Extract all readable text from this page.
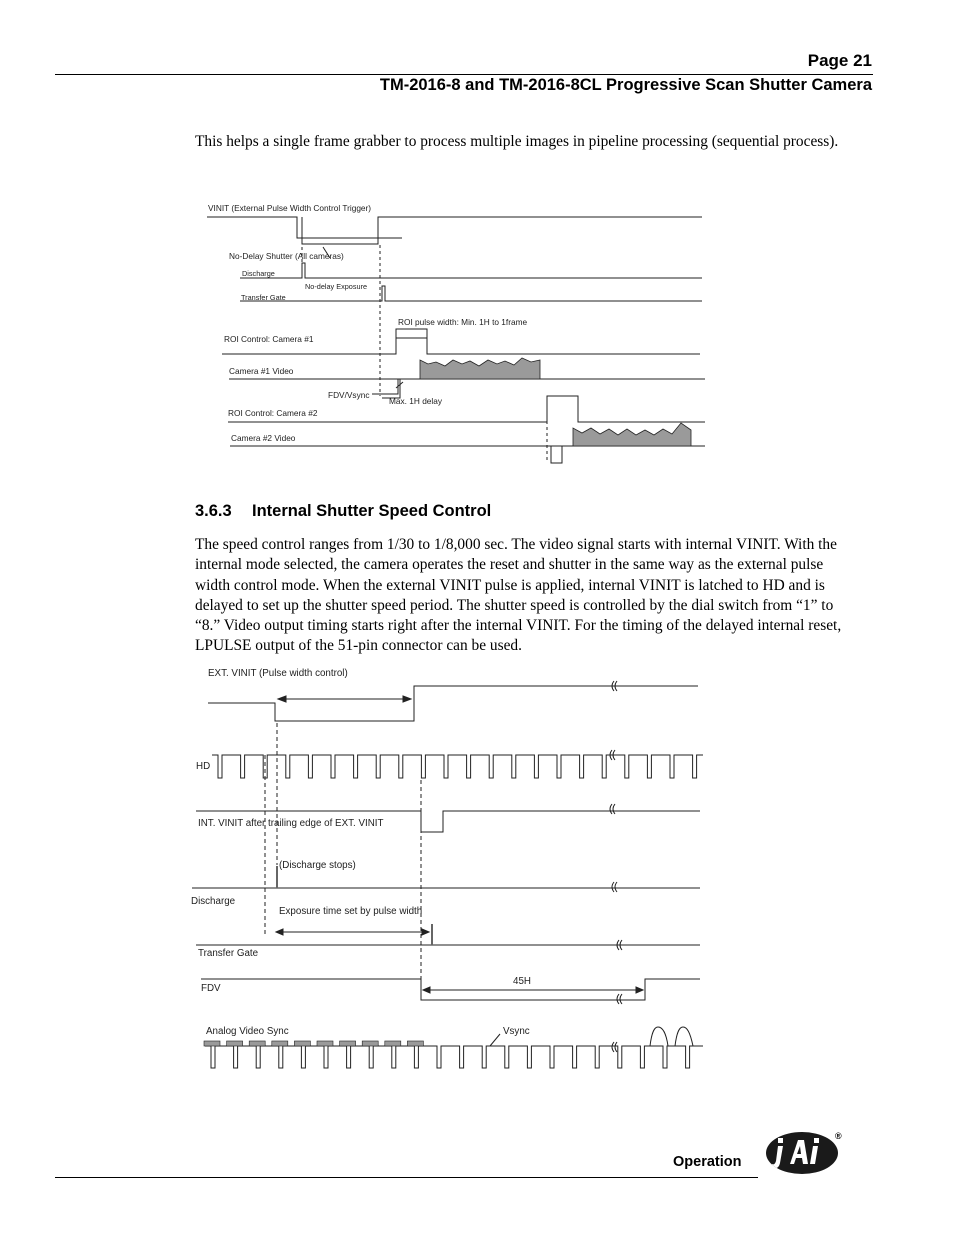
Page 21
TM-2016-8 and TM-2016-8CL Progressive Scan Shutter Camera
This helps a single frame grabber to process multiple images in pipeline processing (sequential process).
VINIT (External Pulse Width Control Trigger)
No-Delay Shutter (All cameras)
Discharge
No-delay Exposure
Transfer Gate
ROI pulse width: Min. 1H to 1frame
ROI Control: Camera #1
Camera #1 Video
FDV/Vsync
Max. 1H delay
ROI Control: Camera #2
Camera #2 Video
3.6.3 Internal Shutter Speed Control
The speed control ranges from 1/30 to 1/8,000 sec. The video signal starts with internal VINIT. With the internal mode selected, the camera operates the reset and shutter in the same way as the external pulse width control mode. When the external VINIT pulse is applied, internal VINIT is latched to HD and is delayed to set up the shutter speed period. The shutter speed is controlled by the dial switch from “1” to “8.” Video output timing starts right after the internal VINIT. For the timing of the delayed internal reset, LPULSE output of the 51-pin connector can be used.
EXT. VINIT (Pulse width control)
HD
INT. VINIT after trailing edge of EXT. VINIT
(Discharge stops)
Discharge
Exposure time set by pulse width
Transfer Gate
FDV
45H
Analog Video Sync	Vsync
Operation
®
